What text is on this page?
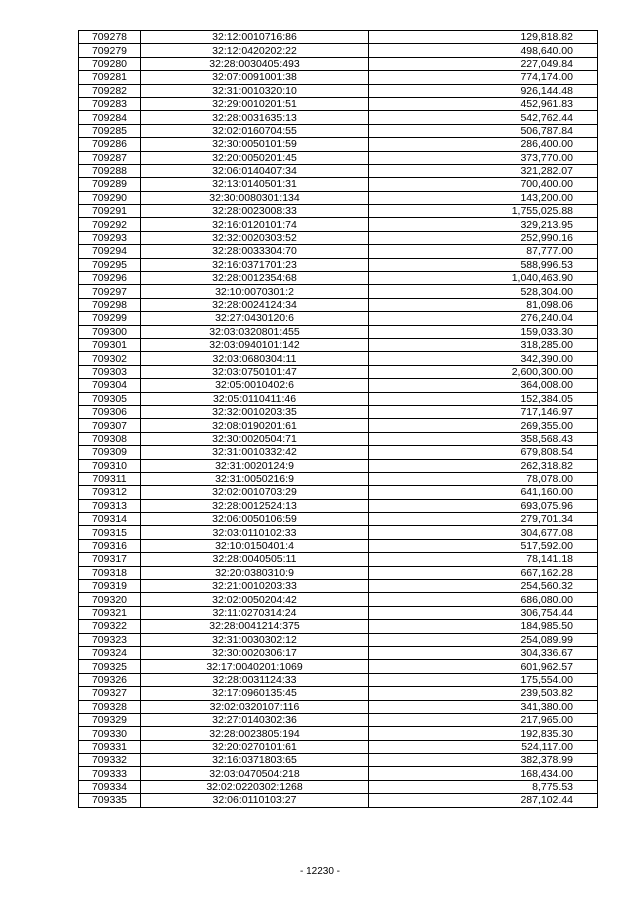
709278	32:12:0010716:86	129,818.82
709279	32:12:0420202:22	498,640.00
709280	32:28:0030405:493	227,049.84
709281	32:07:0091001:38	774,174.00
709282	32:31:0010320:10	926,144.48
709283	32:29:0010201:51	452,961.83
709284	32:28:0031635:13	542,762.44
709285	32:02:0160704:55	506,787.84
709286	32:30:0050101:59	286,400.00
709287	32:20:0050201:45	373,770.00
709288	32:06:0140407:34	321,282.07
709289	32:13:0140501:31	700,400.00
709290	32:30:0080301:134	143,200.00
709291	32:28:0023008:33	1,755,025.88
709292	32:16:0120101:74	329,213.95
709293	32:32:0020303:52	252,990.16
709294	32:28:0033304:70	87,777.00
709295	32:16:0371701:23	588,996.53
709296	32:28:0012354:68	1,040,463.90
709297	32:10:0070301:2	528,304.00
709298	32:28:0024124:34	81,098.06
709299	32:27:0430120:6	276,240.04
709300	32:03:0320801:455	159,033.30
709301	32:03:0940101:142	318,285.00
709302	32:03:0680304:11	342,390.00
709303	32:03:0750101:47	2,600,300.00
709304	32:05:0010402:6	364,008.00
709305	32:05:0110411:46	152,384.05
709306	32:32:0010203:35	717,146.97
709307	32:08:0190201:61	269,355.00
709308	32:30:0020504:71	358,568.43
709309	32:31:0010332:42	679,808.54
709310	32:31:0020124:9	262,318.82
709311	32:31:0050216:9	78,078.00
709312	32:02:0010703:29	641,160.00
709313	32:28:0012524:13	693,075.96
709314	32:06:0050106:59	279,701.34
709315	32:03:0110102:33	304,677.08
709316	32:10:0150401:4	517,592.00
709317	32:28:0040505:11	78,141.18
709318	32:20:0380310:9	667,162.28
709319	32:21:0010203:33	254,560.32
709320	32:02:0050204:42	686,080.00
709321	32:11:0270314:24	306,754.44
709322	32:28:0041214:375	184,985.50
709323	32:31:0030302:12	254,089.99
709324	32:30:0020306:17	304,336.67
709325	32:17:0040201:1069	601,962.57
709326	32:28:0031124:33	175,554.00
709327	32:17:0960135:45	239,503.82
709328	32:02:0320107:116	341,380.00
709329	32:27:0140302:36	217,965.00
709330	32:28:0023805:194	192,835.30
709331	32:20:0270101:61	524,117.00
709332	32:16:0371803:65	382,378.99
709333	32:03:0470504:218	168,434.00
709334	32:02:0220302:1268	8,775.53
709335	32:06:0110103:27	287,102.44
- 12230 -
